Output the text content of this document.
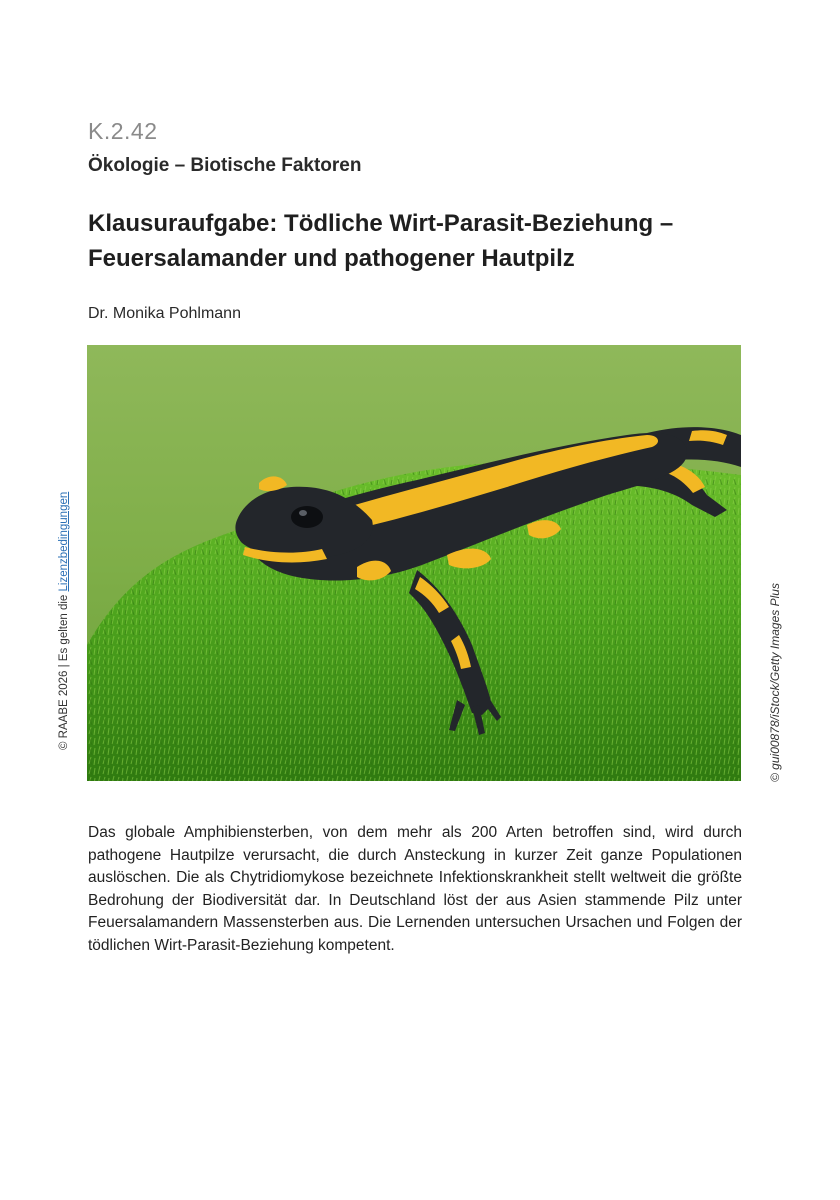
K.2.42
Ökologie – Biotische Faktoren
Klausuraufgabe: Tödliche Wirt-Parasit-Beziehung –
Feuersalamander und pathogener Hautpilz
Dr. Monika Pohlmann
© RAABE 2026 | Es gelten die Lizenzbedingungen
© gui00878/iStock/Getty Images Plus

Das globale Amphibiensterben, von dem mehr als 200 Arten betroffen sind, wird durch pathogene Hautpilze verursacht, die durch Ansteckung in kurzer Zeit ganze Populationen auslöschen. Die als Chytridiomykose bezeichnete Infektionskrankheit stellt weltweit die größte Bedrohung der Biodiversität dar. In Deutschland löst der aus Asien stammende Pilz unter Feuersalamandern Massensterben aus. Die Lernenden untersuchen Ursachen und Folgen der tödlichen Wirt-Parasit-Beziehung kompetent.
